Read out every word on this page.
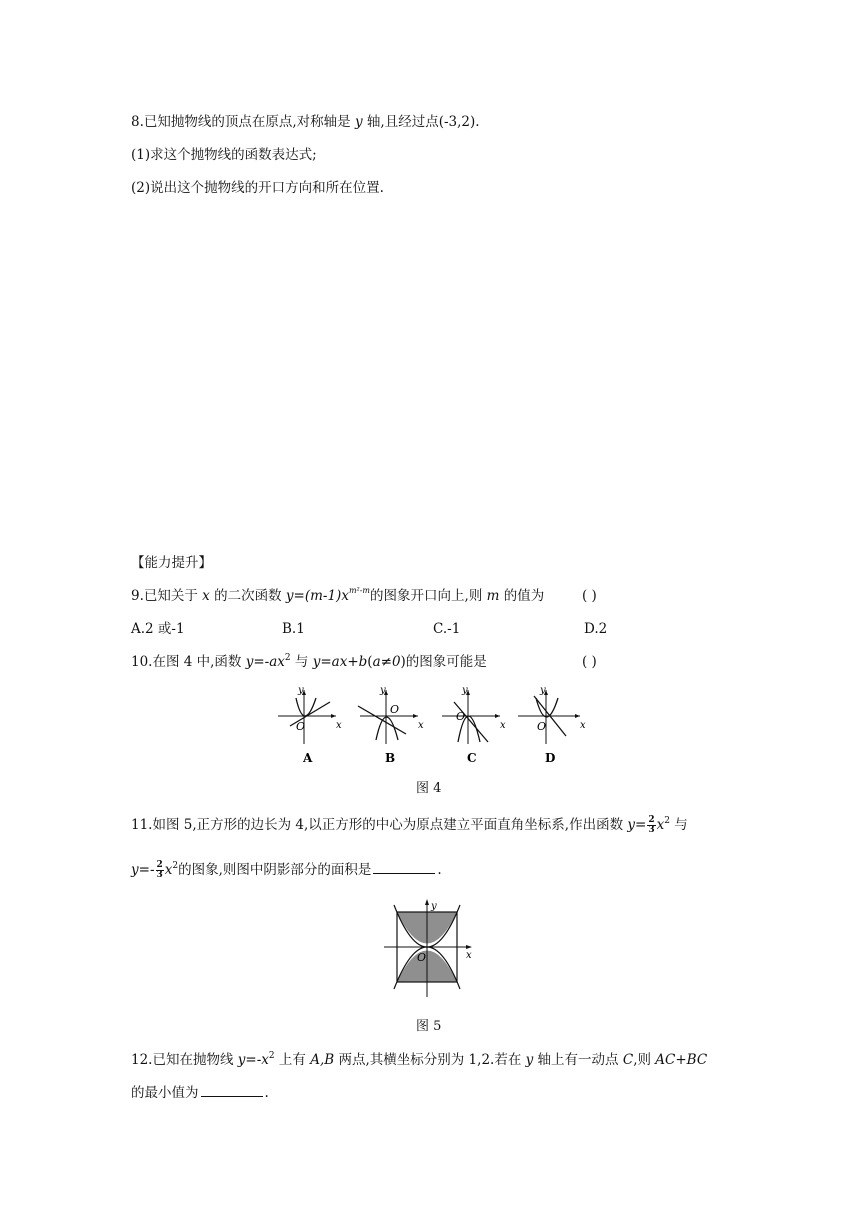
8.已知抛物线的顶点在原点,对称轴是 y 轴,且经过点(-3,2).
(1)求这个抛物线的函数表达式;
(2)说出这个抛物线的开口方向和所在位置.
【能力提升】
9.已知关于 x 的二次函数 $y=(m-1)x^{m^2-m}$的图象开口向上,则 m 的值为	( )
A.2 或-1	B.1	C.-1	D.2
10.在图 4 中,函数 $y=-ax^2$ 与 y=ax+b(a≠0)的图象可能是	( )
y
x
O
A
y
x
O
B
y
x
O
C
y
x
O
D
图 4
11.如图 5,正方形的边长为 4,以正方形的中心为原点建立平面直角坐标系,作出函数 $y= \frac{2}{3} x^2$ 与
$y=- \frac{2}{3} x^2$的图象,则图中阴影部分的面积是	.
y
x
O
图 5
12.已知在抛物线 $y=-x^2$ 上有 A,B 两点,其横坐标分别为 1,2.若在 y 轴上有一动点 C,则 AC+BC
的最小值为	.
